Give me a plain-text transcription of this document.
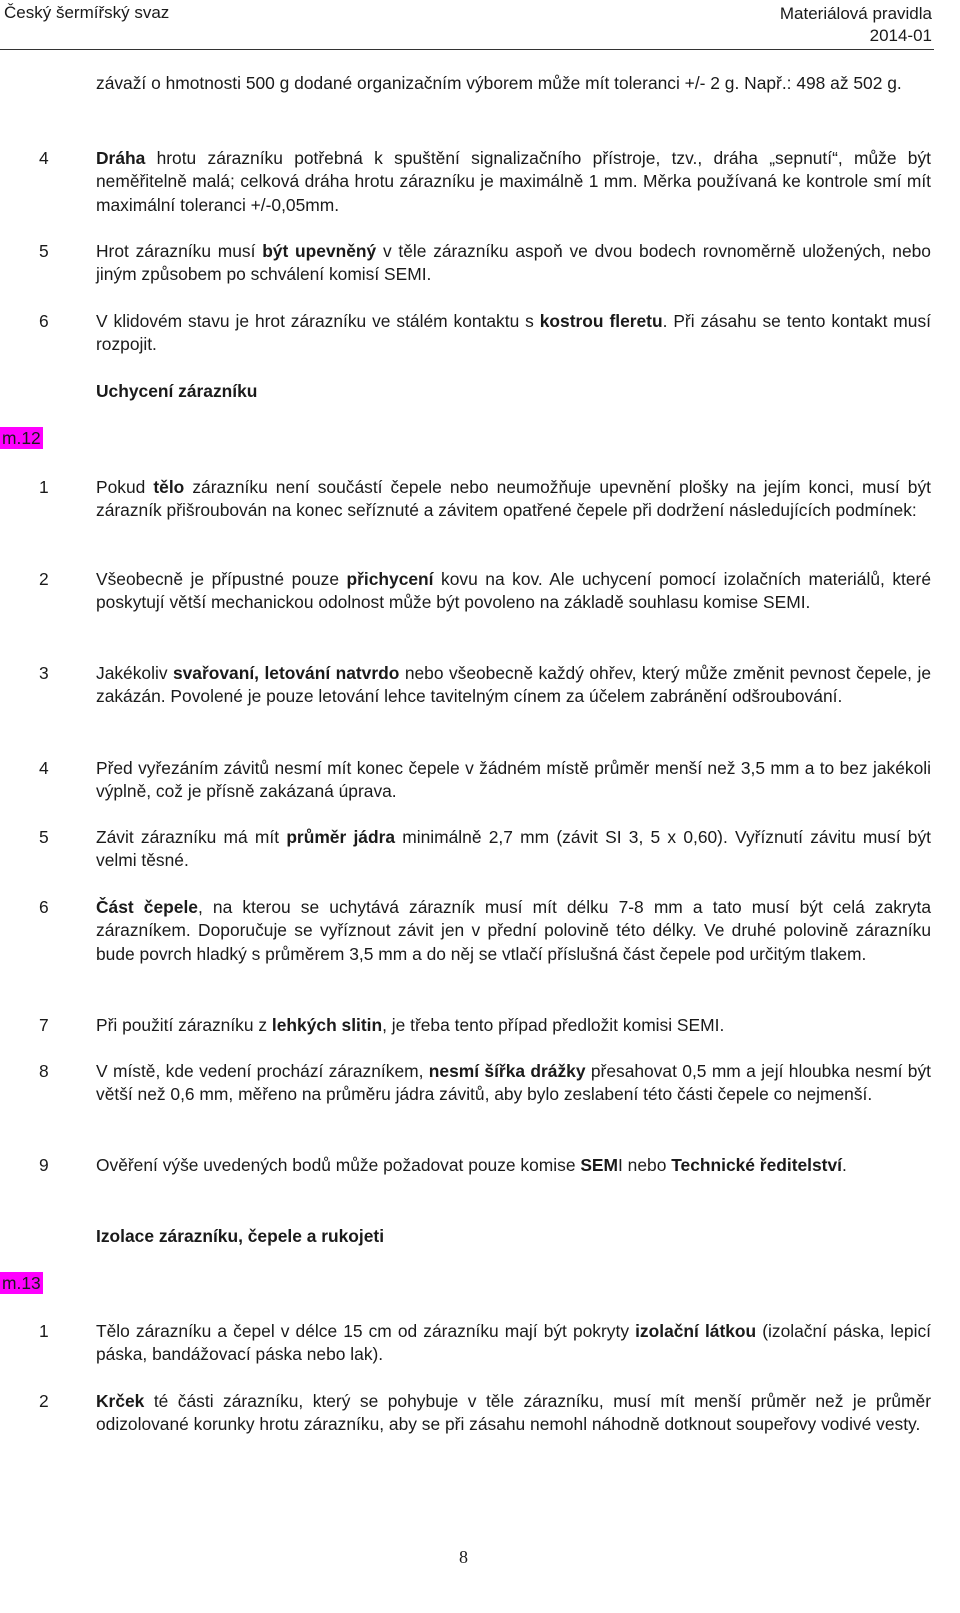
Český šermířský svaz	Materiálová pravidla
2014-01
závaží o hmotnosti 500 g dodané organizačním výborem může mít toleranci +/- 2 g. Např.: 498 až 502 g.
4	Dráha hrotu zárazníku potřebná k spuštění signalizačního přístroje, tzv., dráha „sepnutí“, může být neměřitelně malá; celková dráha hrotu zárazníku je maximálně 1 mm. Měrka používaná ke kontrole smí mít maximální toleranci +/-0,05mm.
5	Hrot zárazníku musí být upevněný v těle zárazníku aspoň ve dvou bodech rovnoměrně uložených, nebo jiným způsobem po schválení komisí SEMI.
6	V klidovém stavu je hrot zárazníku ve stálém kontaktu s kostrou fleretu. Při zásahu se tento kontakt musí rozpojit.
Uchycení zárazníku
m.12
1	Pokud tělo zárazníku není součástí čepele nebo neumožňuje upevnění plošky na jejím konci, musí být zárazník přišroubován na konec seříznuté a závitem opatřené čepele při dodržení následujících podmínek:
2	Všeobecně je přípustné pouze přichycení kovu na kov. Ale uchycení pomocí izolačních materiálů, které poskytují větší mechanickou odolnost může být povoleno na základě souhlasu komise SEMI.
3	Jakékoliv svařovaní, letování natvrdo nebo všeobecně každý ohřev, který může změnit pevnost čepele, je zakázán. Povolené je pouze letování lehce tavitelným cínem za účelem zabránění odšroubování.
4	Před vyřezáním závitů nesmí mít konec čepele v žádném místě průměr menší než 3,5 mm a to bez jakékoli výplně, což je přísně zakázaná úprava.
5	Závit zárazníku má mít průměr jádra minimálně 2,7 mm (závit SI 3, 5 x 0,60). Vyříznutí závitu musí být velmi těsné.
6	Část čepele, na kterou se uchytává zárazník musí mít délku 7-8 mm a tato musí být celá zakryta zárazníkem. Doporučuje se vyříznout závit jen v přední polovině této délky. Ve druhé polovině zárazníku bude povrch hladký s průměrem 3,5 mm a do něj se vtlačí příslušná část čepele pod určitým tlakem.
7	Při použití zárazníku z lehkých slitin, je třeba tento případ předložit komisi SEMI.
8	V místě, kde vedení prochází zárazníkem, nesmí šířka drážky přesahovat 0,5 mm a její hloubka nesmí být větší než 0,6 mm, měřeno na průměru jádra závitů, aby bylo zeslabení této části čepele co nejmenší.
9	Ověření výše uvedených bodů může požadovat pouze komise SEMI nebo Technické ředitelství.
Izolace zárazníku, čepele a rukojeti
m.13
1	Tělo zárazníku a čepel v délce 15 cm od zárazníku mají být pokryty izolační látkou (izolační páska, lepicí páska, bandážovací páska nebo lak).
2	Krček té části zárazníku, který se pohybuje v těle zárazníku, musí mít menší průměr než je průměr odizolované korunky hrotu zárazníku, aby se při zásahu nemohl náhodně dotknout soupeřovy vodivé vesty.
8
